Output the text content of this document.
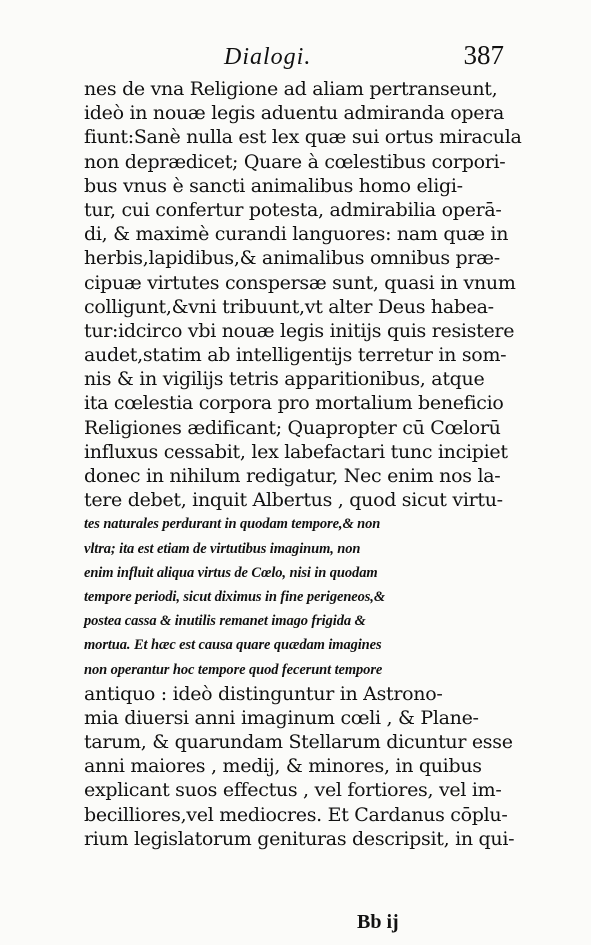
Dialogi.	387
nes de vna Religione ad aliam pertranseunt,
ideò in nouæ legis aduentu admiranda opera
fiunt:Sanè nulla est lex quæ sui ortus miracula
non deprædicet; Quare à cœlestibus corpori-
bus vnus è sancti animalibus homo eligi-
tur, cui confertur potesta, admirabilia operā-
di, & maximè curandi languores: nam quæ in
herbis,lapidibus,& animalibus omnibus præ-
cipuæ virtutes conspersæ sunt, quasi in vnum
colligunt,&vni tribuunt,vt alter Deus habea-
tur:idcirco vbi nouæ legis initijs quis resistere
audet,statim ab intelligentijs terretur in som-
nis & in vigilijs tetris apparitionibus, atque
ita cœlestia corpora pro mortalium beneficio
Religiones ædificant; Quapropter cū Cœlorū
influxus cessabit, lex labefactari tunc incipiet
donec in nihilum redigatur, Nec enim nos la-
tere debet, inquit Albertus , quod sicut virtu-
tes naturales perdurant in quodam tempore,& non
vltra; ita est etiam de virtutibus imaginum, non
enim influit aliqua virtus de Cœlo, nisi in quodam
tempore periodi, sicut diximus in fine perigeneos,&
postea cassa & inutilis remanet imago frigida &
mortua. Et hæc est causa quare quædam imagines
non operantur hoc tempore quod fecerunt tempore
antiquo : ideò distinguntur in Astrono-
mia diuersi anni imaginum cœli , & Plane-
tarum, & quarundam Stellarum dicuntur esse
anni maiores , medij, & minores, in quibus
explicant suos effectus , vel fortiores, vel im-
becilliores,vel mediocres. Et Cardanus cōplu-
rium legislatorum genituras descripsit, in qui-
Bb ij
